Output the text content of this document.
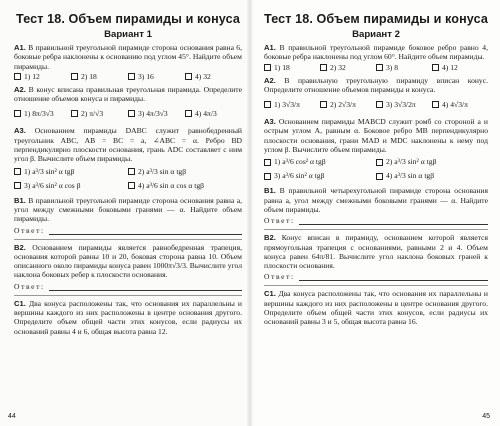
Тест 18. Объем пирамиды и конуса
Вариант 1
А1. В правильной треугольной пирамиде сторона основания равна 6, боковые ребра наклонены к основанию под углом 45°. Найдите объем пирамиды.
1) 12	2) 18	3) 16	4) 32
А2. В конус вписана правильная треугольная пирамида. Определите отношение объемов конуса и пирамиды.
1) 8π/3√3	2) π/√3	3) 4π/3√3	4) 4π/3
А3. Основанием пирамиды DABC служит равнобедренный треугольник ABC, AB = BC = a, ∠ABC = α. Ребро BD перпендикулярно плоскости основания, грань ADC составляет с ним угол β. Вычислите объем пирамиды.
1) a³/3 sin² α tgβ	2) a³/3 sin α tgβ
3) a³/6 sin² α cos β	4) a³/6 sin α cos α tgβ
В1. В правильной треугольной пирамиде сторона основания равна a, угол между смежными боковыми гранями — α. Найдите объем пирамиды.
Ответ:
В2. Основанием пирамиды является равнобедренная трапеция, основания которой равны 10 и 20, боковая сторона равна 10. Объем описанного около пирамиды конуса равен 1000π√3/3. Вычислите угол наклона боковых ребер к плоскости основания.
Ответ:
С1. Два конуса расположены так, что основания их параллельны и вершины каждого из них расположены в центре основания другого. Определите объем общей части этих конусов, если радиусы их оснований равны 4 и 6, общая высота равна 12.
44
Тест 18. Объем пирамиды и конуса
Вариант 2
А1. В правильной треугольной пирамиде боковое ребро равно 4, боковые ребра наклонены под углом 60°. Найдите объем пирамиды.
1) 18	2) 32	3) 8	4) 12
А2. В правильную треугольную пирамиду вписан конус. Определите отношение объемов пирамиды и конуса.
1) 3√3/π	2) 2√3/π	3) 3√3/2π	4) 4√3/π
А3. Основанием пирамиды MABCD служит ромб со стороной a и острым углом A, равным α. Боковое ребро MB перпендикулярно плоскости основания, грани MAD и MDC наклонены к нему под углом β. Вычислите объем пирамиды.
1) a³/6 cos² α tgβ	2) a³/3 sin² α tgβ
3) a³/6 sin² α tgβ	4) a³/3 sin α tgβ
В1. В правильной четырехугольной пирамиде сторона основания равна a, угол между смежными боковыми гранями — α. Найдите объем пирамиды.
Ответ:
В2. Конус вписан в пирамиду, основанием которой является прямоугольная трапеция с основаниями, равными 2 и 4. Объем конуса равен 64π/81. Вычислите угол наклона боковых граней к плоскости основания.
Ответ:
С1. Два конуса расположены так, что основания их параллельны и вершины каждого из них расположены в центре основания другого. Определите объем общей части этих конусов, если радиусы их оснований равны 3 и 5, общая высота равна 16.
45
